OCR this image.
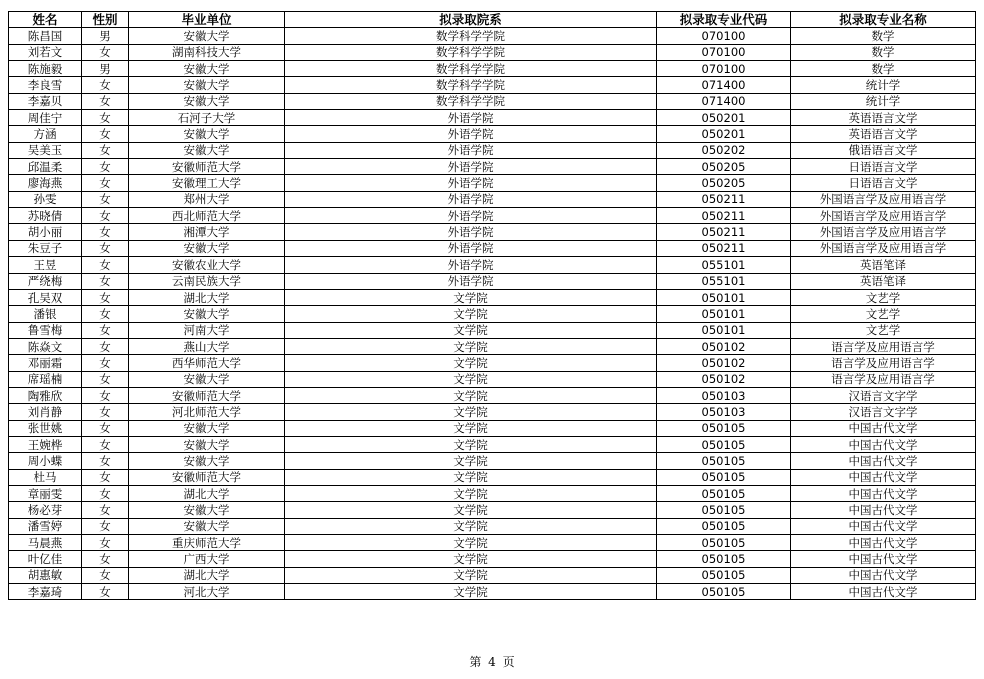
姓名	性别	毕业单位	拟录取院系	拟录取专业代码	拟录取专业名称
陈昌国	男	安徽大学	数学科学学院	070100	数学
刘若文	女	湖南科技大学	数学科学学院	070100	数学
陈施毅	男	安徽大学	数学科学学院	070100	数学
李良雪	女	安徽大学	数学科学学院	071400	统计学
李嘉贝	女	安徽大学	数学科学学院	071400	统计学
周佳宁	女	石河子大学	外语学院	050201	英语语言文学
方涵	女	安徽大学	外语学院	050201	英语语言文学
吴美玉	女	安徽大学	外语学院	050202	俄语语言文学
邱温柔	女	安徽师范大学	外语学院	050205	日语语言文学
廖海燕	女	安徽理工大学	外语学院	050205	日语语言文学
孙雯	女	郑州大学	外语学院	050211	外国语言学及应用语言学
苏晓倩	女	西北师范大学	外语学院	050211	外国语言学及应用语言学
胡小丽	女	湘潭大学	外语学院	050211	外国语言学及应用语言学
朱豆子	女	安徽大学	外语学院	050211	外国语言学及应用语言学
王昱	女	安徽农业大学	外语学院	055101	英语笔译
严绕梅	女	云南民族大学	外语学院	055101	英语笔译
孔吴双	女	湖北大学	文学院	050101	文艺学
潘银	女	安徽大学	文学院	050101	文艺学
鲁雪梅	女	河南大学	文学院	050101	文艺学
陈焱文	女	燕山大学	文学院	050102	语言学及应用语言学
邓丽霜	女	西华师范大学	文学院	050102	语言学及应用语言学
席瑶楠	女	安徽大学	文学院	050102	语言学及应用语言学
陶雅欣	女	安徽师范大学	文学院	050103	汉语言文字学
刘肖静	女	河北师范大学	文学院	050103	汉语言文字学
张世姚	女	安徽大学	文学院	050105	中国古代文学
王婉桦	女	安徽大学	文学院	050105	中国古代文学
周小蝶	女	安徽大学	文学院	050105	中国古代文学
杜马	女	安徽师范大学	文学院	050105	中国古代文学
章丽雯	女	湖北大学	文学院	050105	中国古代文学
杨必芽	女	安徽大学	文学院	050105	中国古代文学
潘雪婷	女	安徽大学	文学院	050105	中国古代文学
马晨燕	女	重庆师范大学	文学院	050105	中国古代文学
叶亿佳	女	广西大学	文学院	050105	中国古代文学
胡惠敏	女	湖北大学	文学院	050105	中国古代文学
李嘉琦	女	河北大学	文学院	050105	中国古代文学
第 4 页
